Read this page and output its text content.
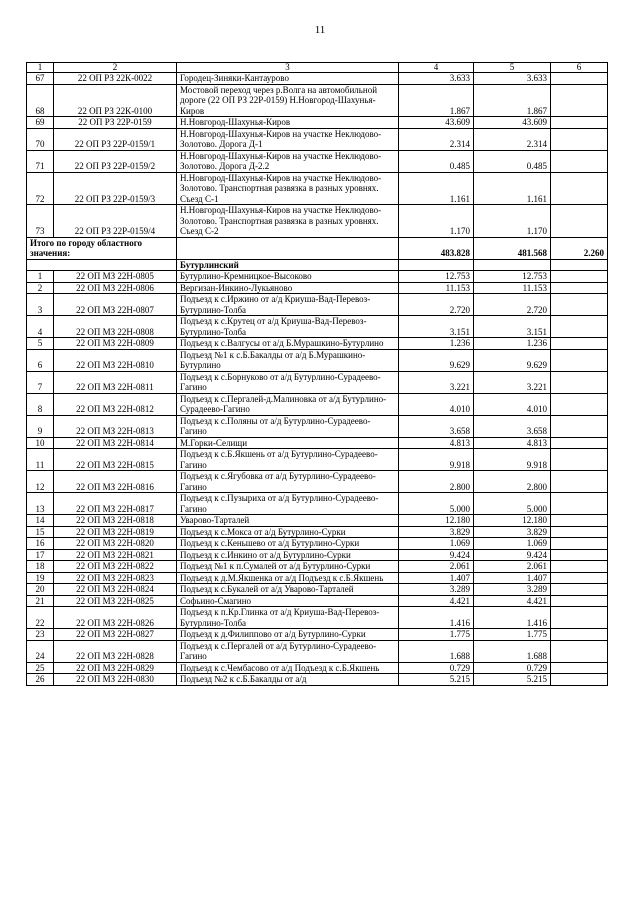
11
1	2	3	4	5	6
67	22 ОП РЗ 22К-0022	Городец-Зиняки-Кантаурово	3.633	3.633	
68	22 ОП РЗ 22К-0100	Мостовой переход через р.Волга на автомобильной дороге (22 ОП РЗ 22Р-0159) Н.Новгород-Шахунья-Киров	1.867	1.867	
69	22 ОП РЗ 22Р-0159	Н.Новгород-Шахунья-Киров	43.609	43.609	
70	22 ОП РЗ 22Р-0159/1	Н.Новгород-Шахунья-Киров на участке Неклюдово-Золотово. Дорога Д-1	2.314	2.314	
71	22 ОП РЗ 22Р-0159/2	Н.Новгород-Шахунья-Киров на участке Неклюдово-Золотово. Дорога Д-2.2	0.485	0.485	
72	22 ОП РЗ 22Р-0159/3	Н.Новгород-Шахунья-Киров на участке Неклюдово-Золотово. Транспортная развязка в разных уровнях. Съезд С-1	1.161	1.161	
73	22 ОП РЗ 22Р-0159/4	Н.Новгород-Шахунья-Киров на участке Неклюдово-Золотово. Транспортная развязка в разных уровнях. Съезд С-2	1.170	1.170	
Итого по городу областного значения:			483.828	481.568	2.260
		Бутурлинский			
1	22 ОП МЗ 22Н-0805	Бутурлино-Кремницкое-Высоково	12.753	12.753	
2	22 ОП МЗ 22Н-0806	Вергизан-Инкино-Лукьяново	11.153	11.153	
3	22 ОП МЗ 22Н-0807	Подъезд к с.Иржино от а/д Криуша-Вад-Перевоз-Бутурлино-Толба	2.720	2.720	
4	22 ОП МЗ 22Н-0808	Подъезд к с.Крутец от а/д Криуша-Вад-Перевоз-Бутурлино-Толба	3.151	3.151	
5	22 ОП МЗ 22Н-0809	Подъезд к с.Валгусы от а/д Б.Мурашкино-Бутурлино	1.236	1.236	
6	22 ОП МЗ 22Н-0810	Подъезд №1 к с.Б.Бакалды от а/д Б.Мурашкино-Бутурлино	9.629	9.629	
7	22 ОП МЗ 22Н-0811	Подъезд к с.Борнуково от а/д Бутурлино-Сурадеево-Гагино	3.221	3.221	
8	22 ОП МЗ 22Н-0812	Подъезд к с.Пергалей-д.Малиновка от а/д Бутурлино-Сурадеево-Гагино	4.010	4.010	
9	22 ОП МЗ 22Н-0813	Подъезд к с.Поляны от а/д Бутурлино-Сурадеево-Гагино	3.658	3.658	
10	22 ОП МЗ 22Н-0814	М.Горки-Селищи	4.813	4.813	
11	22 ОП МЗ 22Н-0815	Подъезд к с.Б.Якшень от а/д Бутурлино-Сурадеево-Гагино	9.918	9.918	
12	22 ОП МЗ 22Н-0816	Подъезд к с.Ягубовка от а/д Бутурлино-Сурадеево-Гагино	2.800	2.800	
13	22 ОП МЗ 22Н-0817	Подъезд к с.Пузыриха от а/д Бутурлино-Сурадеево-Гагино	5.000	5.000	
14	22 ОП МЗ 22Н-0818	Уварово-Тарталей	12.180	12.180	
15	22 ОП МЗ 22Н-0819	Подъезд к с.Мокса от а/д Бутурлино-Сурки	3.829	3.829	
16	22 ОП МЗ 22Н-0820	Подъезд к с.Кеньшево от а/д Бутурлино-Сурки	1.069	1.069	
17	22 ОП МЗ 22Н-0821	Подъезд к с.Инкино от а/д Бутурлино-Сурки	9.424	9.424	
18	22 ОП МЗ 22Н-0822	Подъезд №1 к п.Сумалей от а/д Бутурлино-Сурки	2.061	2.061	
19	22 ОП МЗ 22Н-0823	Подъезд к д.М.Якшенка от а/д Подъезд к с.Б.Якшень	1.407	1.407	
20	22 ОП МЗ 22Н-0824	Подъезд к с.Букалей от а/д Уварово-Тарталей	3.289	3.289	
21	22 ОП МЗ 22Н-0825	Софьино-Смагино	4.421	4.421	
22	22 ОП МЗ 22Н-0826	Подъезд к п.Кр.Глинка от а/д Криуша-Вад-Перевоз-Бутурлино-Толба	1.416	1.416	
23	22 ОП МЗ 22Н-0827	Подъезд к д.Филиппово от а/д Бутурлино-Сурки	1.775	1.775	
24	22 ОП МЗ 22Н-0828	Подъезд к с.Пергалей от а/д Бутурлино-Сурадеево-Гагино	1.688	1.688	
25	22 ОП МЗ 22Н-0829	Подъезд к с.Чембасово от а/д Подъезд к с.Б.Якшень	0.729	0.729	
26	22 ОП МЗ 22Н-0830	Подъезд №2 к с.Б.Бакалды от а/д	5.215	5.215	
